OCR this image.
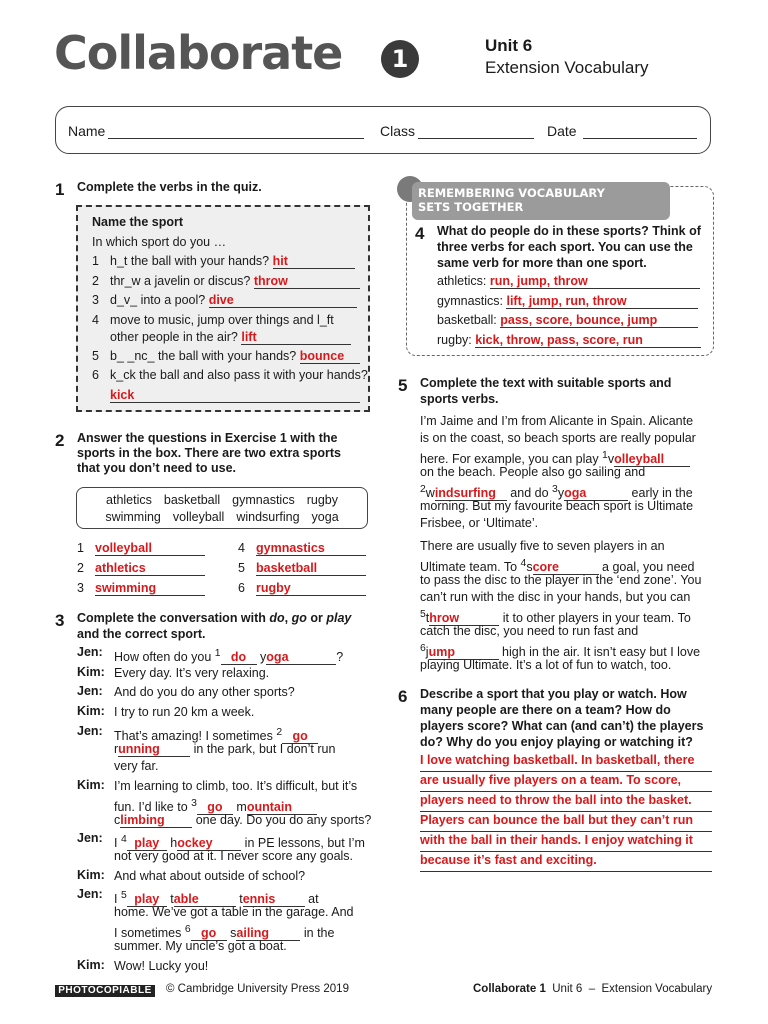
Collaborate	1	Unit 6
Extension Vocabulary
Name	Class	Date
1 Complete the verbs in the quiz.
Name the sport
In which sport do you …
1 h_t the ball with your hands? hit
2 thr_w a javelin or discus? throw
3 d_v_ into a pool? dive
4 move to music, jump over things and l_ft
other people in the air? lift
5 b_ _nc_ the ball with your hands? bounce
6 k_ck the ball and also pass it with your hands?
kick
2 Answer the questions in Exercise 1 with the
sports in the box. There are two extra sports
that you don’t need to use.
athletics basketball gymnastics rugby
swimming volleyball windsurfing yoga
1 volleyball
2 athletics
3 swimming
4 gymnastics
5 basketball
6 rugby
3 Complete the conversation with do, go or play
and the correct sport.
Jen: How often do you $^1$ do yoga	?
Kim: Every day. It’s very relaxing.
Jen: And do you do any other sports?
Kim: I try to run 20 km a week.
Jen: That’s amazing! I sometimes $^2$ go
running in the park, but I don’t run
very far.
Kim: I’m learning to climb, too. It’s difficult, but it’s
fun. I’d like to $^3$ go mountain
climbing one day. Do you do any sports?
Jen: I $^4$ play hockey in PE lessons, but I’m
not very good at it. I never score any goals.
Kim: And what about outside of school?
Jen: I $^5$ play table	tennis at
home. We’ve got a table in the garage. And
I sometimes $^6$ go sailing	in the
summer. My uncle’s got a boat.
Kim: Wow! Lucky you!
REMEMBERING VOCABULARY
SETS TOGETHER
4 What do people do in these sports? Think of
three verbs for each sport. You can use the
same verb for more than one sport.
athletics: run, jump, throw
gymnastics: lift, jump, run, throw
basketball: pass, score, bounce, jump
rugby: kick, throw, pass, score, run
5 Complete the text with suitable sports and
sports verbs.
I’m Jaime and I’m from Alicante in Spain. Alicante
is on the coast, so beach sports are really popular
here. For example, you can play $^1$volleyball
on the beach. People also go sailing and
$^2$windsurfing and do $^3$yoga	early in the
morning. But my favourite beach sport is Ultimate
Frisbee, or ‘Ultimate’.
There are usually five to seven players in an
Ultimate team. To $^4$score	a goal, you need
to pass the disc to the player in the ‘end zone’. You
can’t run with the disc in your hands, but you can
$^5$throw	it to other players in your team. To
catch the disc, you need to run fast and
$^6$jump	high in the air. It isn’t easy but I love
playing Ultimate. It’s a lot of fun to watch, too.
6 Describe a sport that you play or watch. How
many people are there on a team? How do
players score? What can (and can’t) the players
do? Why do you enjoy playing or watching it?
I love watching basketball. In basketball, there
are usually five players on a team. To score,
players need to throw the ball into the basket.
Players can bounce the ball but they can’t run
with the ball in their hands. I enjoy watching it
because it’s fast and exciting.
PHOTOCOPIABLE © Cambridge University Press 2019	Collaborate 1 Unit 6 – Extension Vocabulary
